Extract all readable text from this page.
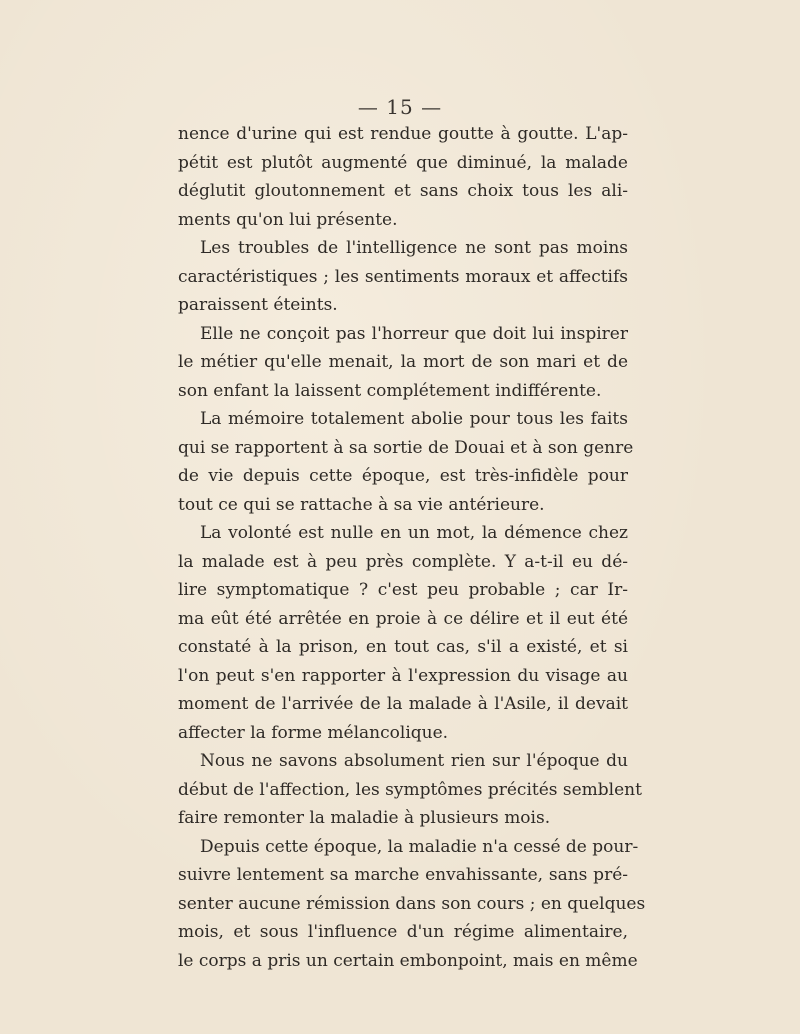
— 15 —
nence d'urine qui est rendue goutte à goutte. L'ap-
pétit est plutôt augmenté que diminué, la malade
déglutit gloutonnement et sans choix tous les ali-
ments qu'on lui présente.
Les troubles de l'intelligence ne sont pas moins
caractéristiques ; les sentiments moraux et affectifs
paraissent éteints.
Elle ne conçoit pas l'horreur que doit lui inspirer
le métier qu'elle menait, la mort de son mari et de
son enfant la laissent complétement indifférente.
La mémoire totalement abolie pour tous les faits
qui se rapportent à sa sortie de Douai et à son genre
de vie depuis cette époque, est très-infidèle pour
tout ce qui se rattache à sa vie antérieure.
La volonté est nulle en un mot, la démence chez
la malade est à peu près complète. Y a-t-il eu dé-
lire symptomatique ? c'est peu probable ; car Ir-
ma eût été arrêtée en proie à ce délire et il eut été
constaté à la prison, en tout cas, s'il a existé, et si
l'on peut s'en rapporter à l'expression du visage au
moment de l'arrivée de la malade à l'Asile, il devait
affecter la forme mélancolique.
Nous ne savons absolument rien sur l'époque du
début de l'affection, les symptômes précités semblent
faire remonter la maladie à plusieurs mois.
Depuis cette époque, la maladie n'a cessé de pour-
suivre lentement sa marche envahissante, sans pré-
senter aucune rémission dans son cours ; en quelques
mois, et sous l'influence d'un régime alimentaire,
le corps a pris un certain embonpoint, mais en même
